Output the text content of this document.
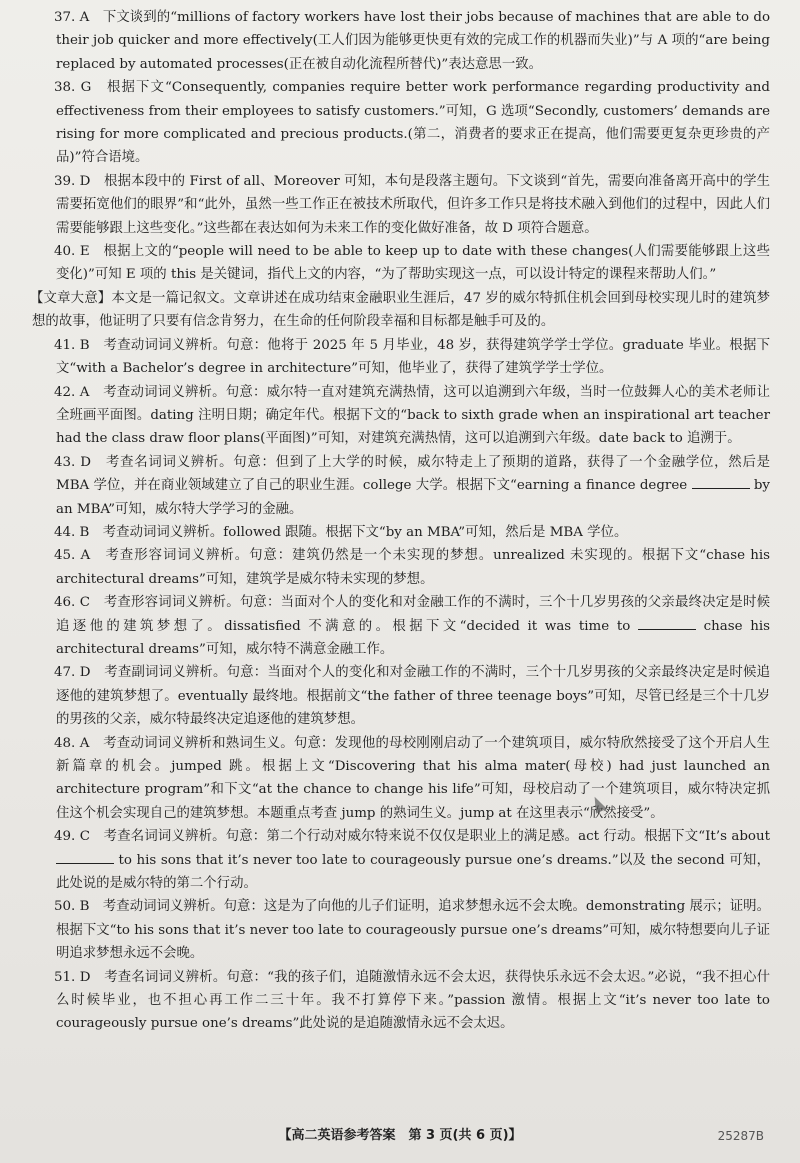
37. A　下文谈到的“millions of factory workers have lost their jobs because of machines that are able to do their job quicker and more effectively(工人们因为能够更快更有效的完成工作的机器而失业)”与 A 项的“are being replaced by automated processes(正在被自动化流程所替代)”表达意思一致。

38. G　根据下文“Consequently, companies require better work performance regarding productivity and effectiveness from their employees to satisfy customers.”可知，G 选项“Secondly, customers’ demands are rising for more complicated and precious products.(第二，消费者的要求正在提高，他们需要更复杂更珍贵的产品)”符合语境。

39. D　根据本段中的 First of all、Moreover 可知，本句是段落主题句。下文谈到“首先，需要向准备离开高中的学生需要拓宽他们的眼界”和“此外，虽然一些工作正在被技术所取代，但许多工作只是将技术融入到他们的过程中，因此人们需要能够跟上这些变化。”这些都在表达如何为未来工作的变化做好准备，故 D 项符合题意。

40. E　根据上文的“people will need to be able to keep up to date with these changes(人们需要能够跟上这些变化)”可知 E 项的 this 是关键词，指代上文的内容，“为了帮助实现这一点，可以设计特定的课程来帮助人们。”

【文章大意】本文是一篇记叙文。文章讲述在成功结束金融职业生涯后，47 岁的威尔特抓住机会回到母校实现儿时的建筑梦想的故事，他证明了只要有信念肯努力，在生命的任何阶段幸福和目标都是触手可及的。

41. B　考查动词词义辨析。句意：他将于 2025 年 5 月毕业，48 岁，获得建筑学学士学位。graduate 毕业。根据下文“with a Bachelor’s degree in architecture”可知，他毕业了，获得了建筑学学士学位。

42. A　考查动词词义辨析。句意：威尔特一直对建筑充满热情，这可以追溯到六年级，当时一位鼓舞人心的美术老师让全班画平面图。dating 注明日期；确定年代。根据下文的“back to sixth grade when an inspirational art teacher had the class draw floor plans(平面图)”可知，对建筑充满热情，这可以追溯到六年级。date back to 追溯于。

43. D　考查名词词义辨析。句意：但到了上大学的时候，威尔特走上了预期的道路，获得了一个金融学位，然后是 MBA 学位，并在商业领域建立了自己的职业生涯。college 大学。根据下文“earning a finance degree	by an MBA”可知，威尔特大学学习的金融。

44. B　考查动词词义辨析。followed 跟随。根据下文“by an MBA”可知，然后是 MBA 学位。

45. A　考查形容词词义辨析。句意：建筑仍然是一个未实现的梦想。unrealized 未实现的。根据下文“chase his architectural dreams”可知，建筑学是威尔特未实现的梦想。

46. C　考查形容词词义辨析。句意：当面对个人的变化和对金融工作的不满时，三个十几岁男孩的父亲最终决定是时候追逐他的建筑梦想了。dissatisfied 不满意的。根据下文“decided it was time to	chase his architectural dreams”可知，威尔特不满意金融工作。

47. D　考查副词词义辨析。句意：当面对个人的变化和对金融工作的不满时，三个十几岁男孩的父亲最终决定是时候追逐他的建筑梦想了。eventually 最终地。根据前文“the father of three teenage boys”可知，尽管已经是三个十几岁的男孩的父亲，威尔特最终决定追逐他的建筑梦想。

48. A　考查动词词义辨析和熟词生义。句意：发现他的母校刚刚启动了一个建筑项目，威尔特欣然接受了这个开启人生新篇章的机会。jumped 跳。根据上文“Discovering that his alma mater(母校) had just launched an architecture program”和下文“at the chance to change his life”可知，母校启动了一个建筑项目，威尔特决定抓住这个机会实现自己的建筑梦想。本题重点考查 jump 的熟词生义。jump at 在这里表示“欣然接受”。

49. C　考查名词词义辨析。句意：第二个行动对威尔特来说不仅仅是职业上的满足感。act 行动。根据下文“It’s about  to his sons that it’s never too late to courageously pursue one’s dreams.”以及 the second 可知，此处说的是威尔特的第二个行动。

50. B　考查动词词义辨析。句意：这是为了向他的儿子们证明，追求梦想永远不会太晚。demonstrating 展示；证明。根据下文“to his sons that it’s never too late to courageously pursue one’s dreams”可知，威尔特想要向儿子证明追求梦想永远不会晚。

51. D　考查名词词义辨析。句意：“我的孩子们，追随激情永远不会太迟，获得快乐永远不会太迟。”必说，“我不担心什么时候毕业，也不担心再工作二三十年。我不打算停下来。”passion 激情。根据上文“it’s never too late to courageously pursue one’s dreams”此处说的是追随激情永远不会太迟。

【高二英语参考答案　第 3 页(共 6 页)】	25287B
